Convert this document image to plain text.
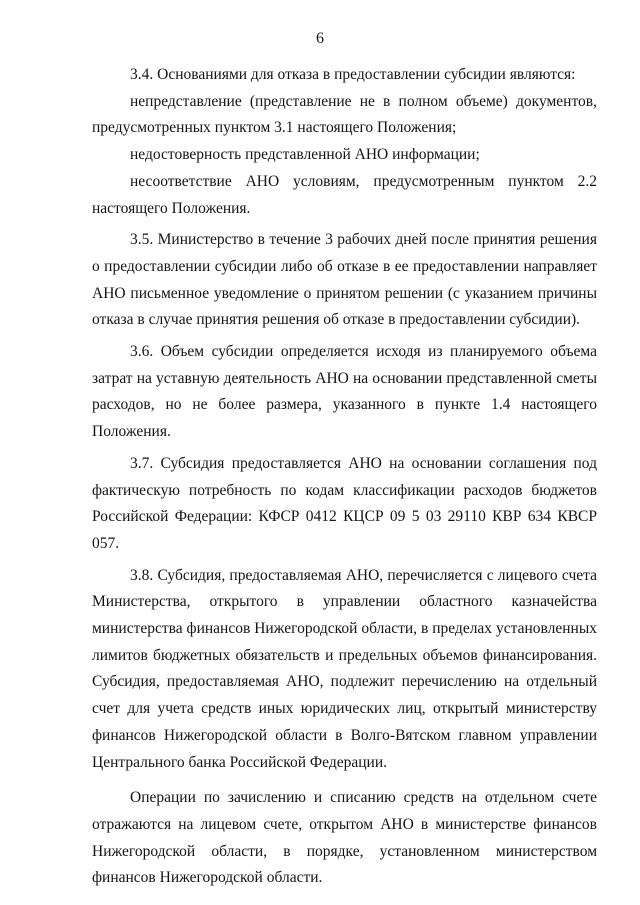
6

3.4. Основаниями для отказа в предоставлении субсидии являются:

непредставление (представление не в полном объеме) документов, предусмотренных пунктом 3.1 настоящего Положения;

недостоверность представленной АНО информации;

несоответствие АНО условиям, предусмотренным пунктом 2.2 настоящего Положения.

3.5. Министерство в течение 3 рабочих дней после принятия решения о предоставлении субсидии либо об отказе в ее предоставлении направляет АНО письменное уведомление о принятом решении (с указанием причины отказа в случае принятия решения об отказе в предоставлении субсидии).

3.6. Объем субсидии определяется исходя из планируемого объема затрат на уставную деятельность АНО на основании представленной сметы расходов, но не более размера, указанного в пункте 1.4 настоящего Положения.

3.7. Субсидия предоставляется АНО на основании соглашения под фактическую потребность по кодам классификации расходов бюджетов Российской Федерации: КФСР 0412 КЦСР 09 5 03 29110 КВР 634 КВСР 057.

3.8. Субсидия, предоставляемая АНО, перечисляется с лицевого счета Министерства, открытого в управлении областного казначейства министерства финансов Нижегородской области, в пределах установленных лимитов бюджетных обязательств и предельных объемов финансирования. Субсидия, предоставляемая АНО, подлежит перечислению на отдельный счет для учета средств иных юридических лиц, открытый министерству финансов Нижегородской области в Волго-Вятском главном управлении Центрального банка Российской Федерации.

Операции по зачислению и списанию средств на отдельном счете отражаются на лицевом счете, открытом АНО в министерстве финансов Нижегородской области, в порядке, установленном министерством финансов Нижегородской области.
